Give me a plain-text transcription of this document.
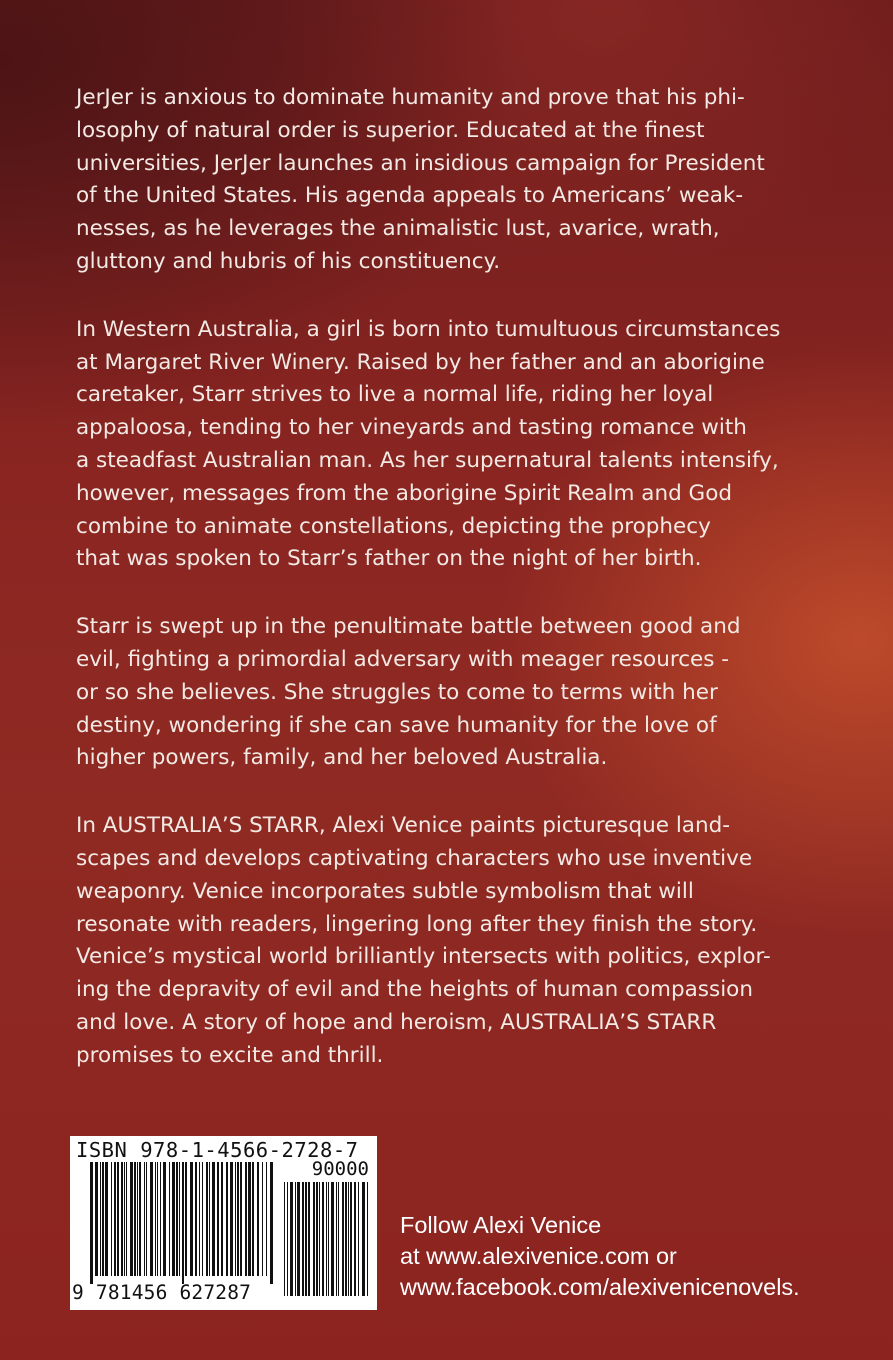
JerJer is anxious to dominate humanity and prove that his phi-
losophy of natural order is superior. Educated at the finest
universities, JerJer launches an insidious campaign for President
of the United States. His agenda appeals to Americans’ weak-
nesses, as he leverages the animalistic lust, avarice, wrath,
gluttony and hubris of his constituency.

In Western Australia, a girl is born into tumultuous circumstances
at Margaret River Winery. Raised by her father and an aborigine
caretaker, Starr strives to live a normal life, riding her loyal
appaloosa, tending to her vineyards and tasting romance with
a steadfast Australian man. As her supernatural talents intensify,
however, messages from the aborigine Spirit Realm and God
combine to animate constellations, depicting the prophecy
that was spoken to Starr’s father on the night of her birth.

Starr is swept up in the penultimate battle between good and
evil, fighting a primordial adversary with meager resources -
or so she believes. She struggles to come to terms with her
destiny, wondering if she can save humanity for the love of
higher powers, family, and her beloved Australia.

In AUSTRALIA’S STARR, Alexi Venice paints picturesque land-
scapes and develops captivating characters who use inventive
weaponry. Venice incorporates subtle symbolism that will
resonate with readers, lingering long after they finish the story.
Venice’s mystical world brilliantly intersects with politics, explor-
ing the depravity of evil and the heights of human compassion
and love. A story of hope and heroism, AUSTRALIA’S STARR
promises to excite and thrill.

ISBN 978-1-4566-2728-7
90000
9 781456 627287
Follow Alexi Venice
at www.alexivenice.com or
www.facebook.com/alexivenicenovels.
